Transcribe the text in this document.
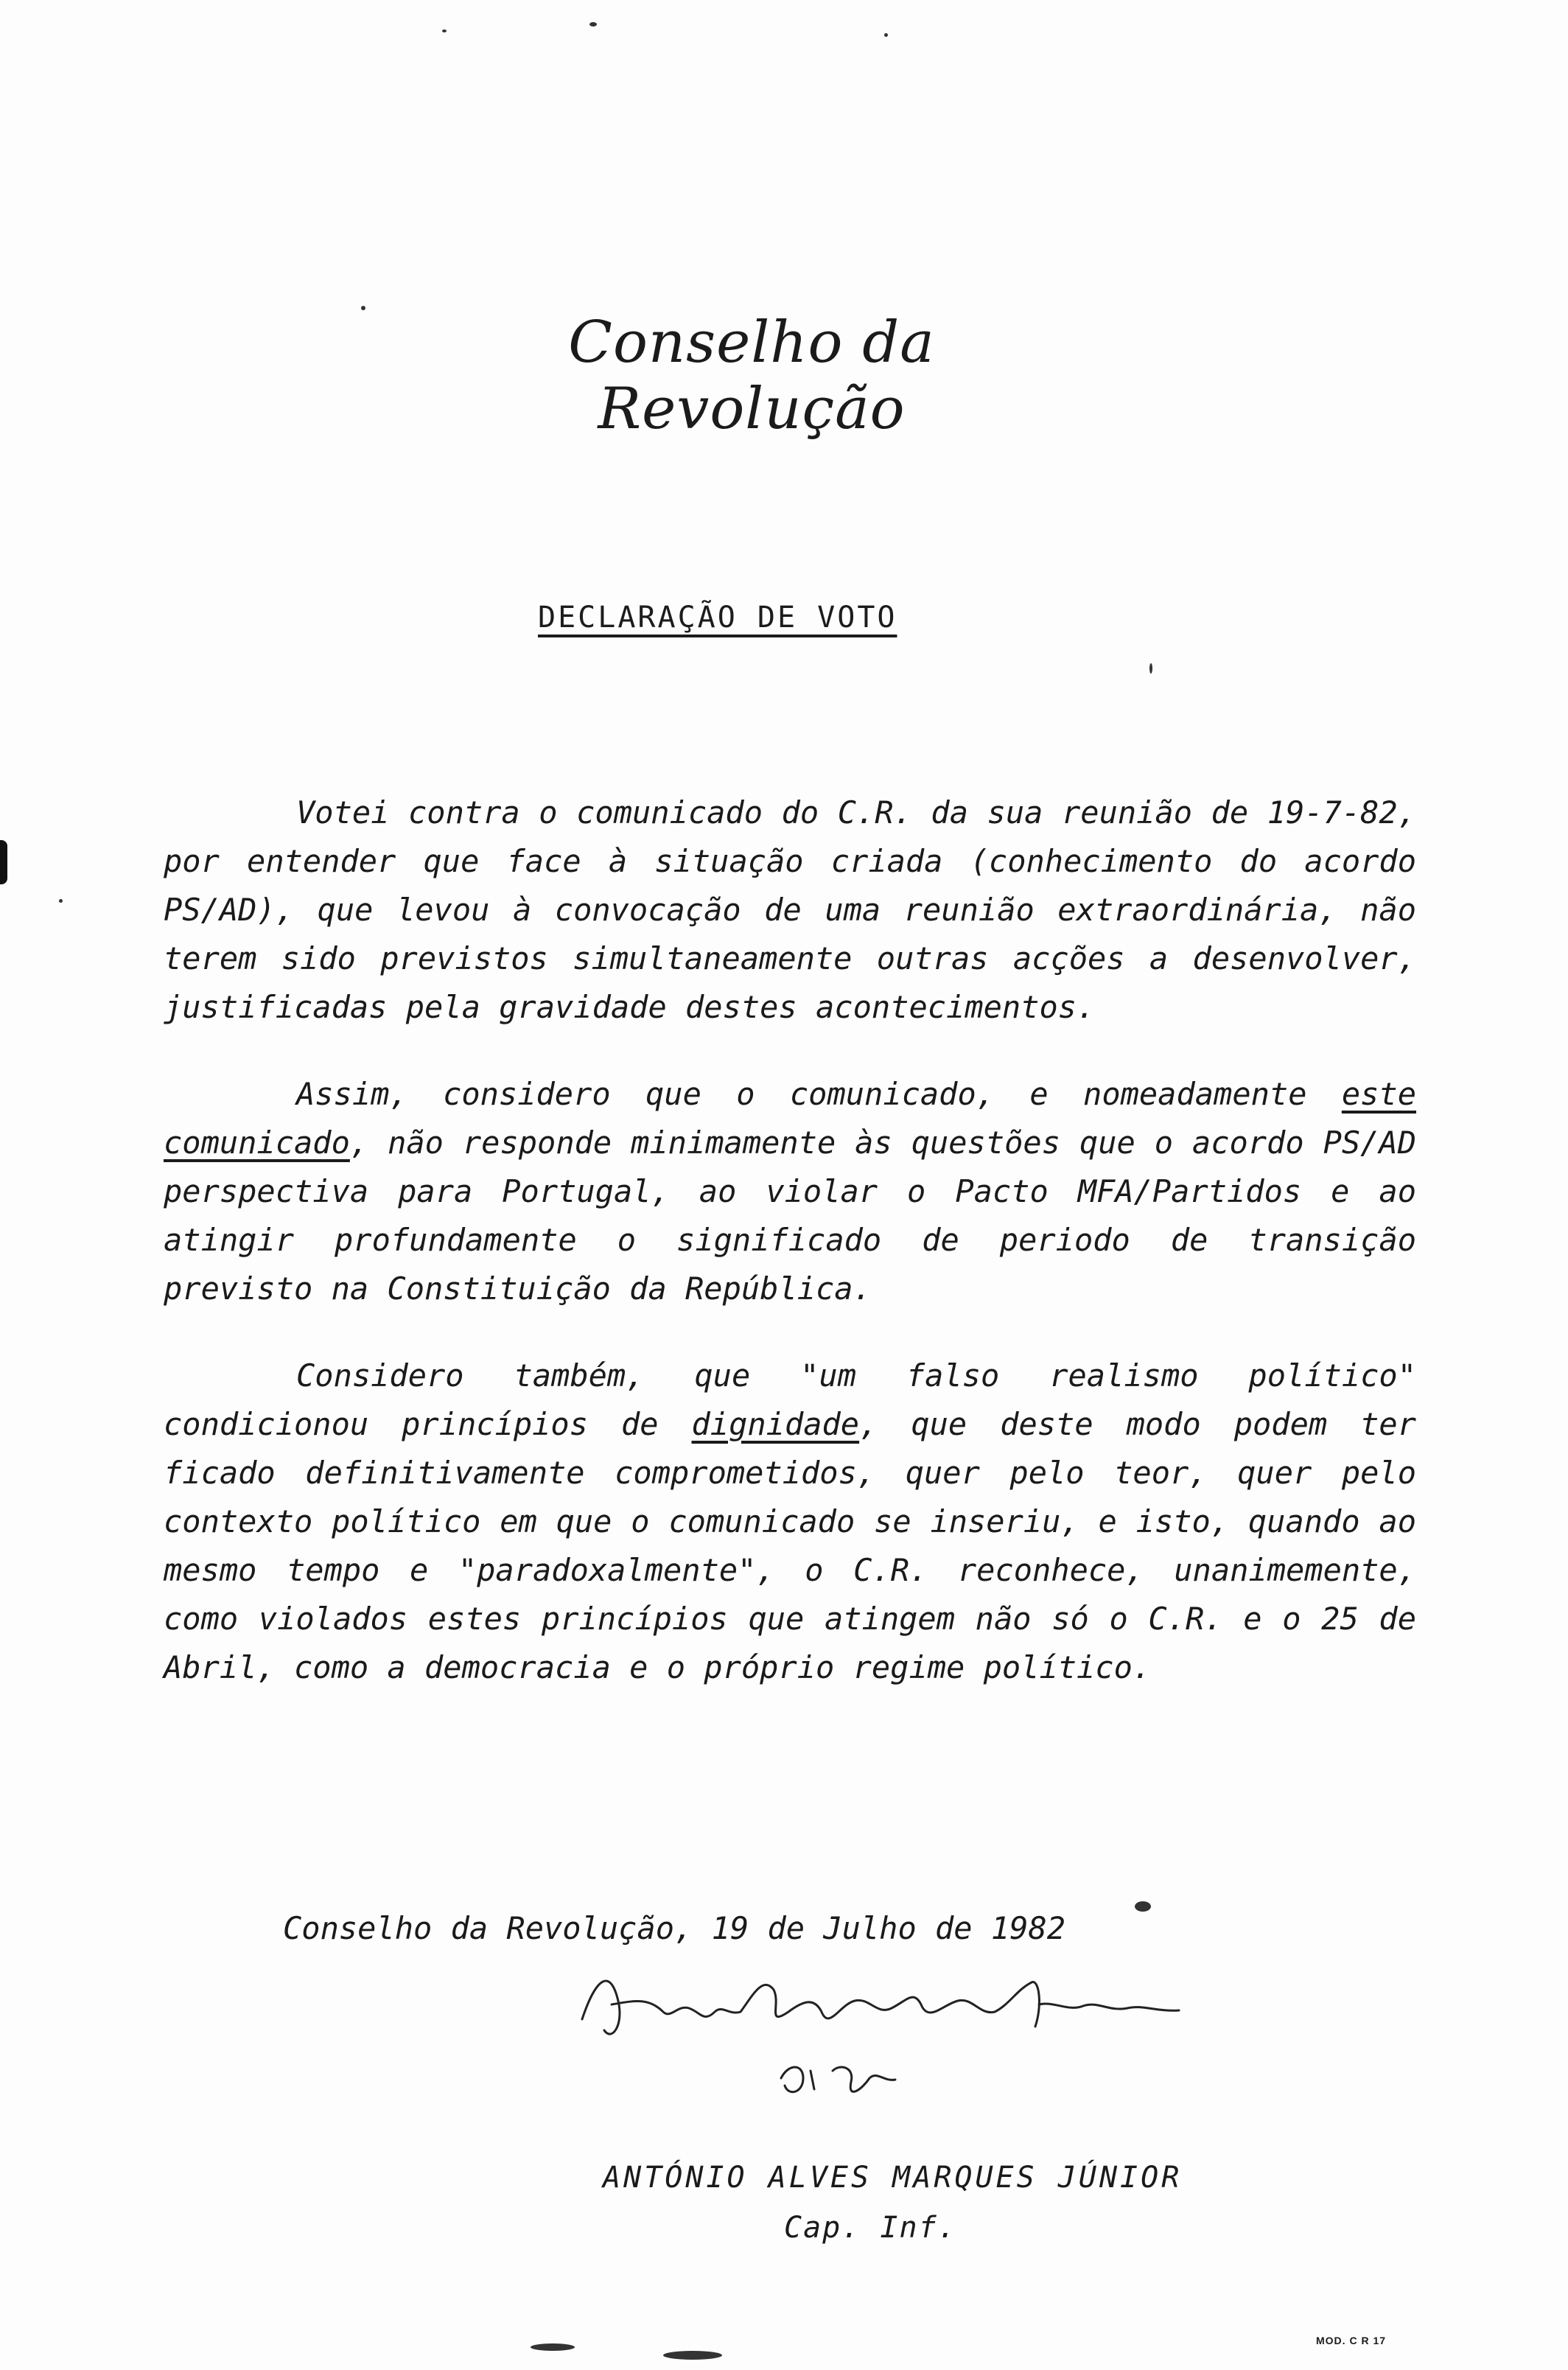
Conselho da Revolução
DECLARAÇÃO DE VOTO

Votei contra o comunicado do C.R. da sua reunião de 19-7-82, por entender que face à situação criada (conhecimento do acordo PS/AD), que levou à convocação de uma reunião extraordinária, não terem sido previstos simultaneamente outras acções a desenvolver, justificadas pela gravidade destes acontecimentos.

Assim, considero que o comunicado, e nomeadamente este comunicado, não responde minimamente às questões que o acordo PS/AD perspectiva para Portugal, ao violar o Pacto MFA/Partidos e ao atingir profundamente o significado de periodo de transição previsto na Constituição da República.

Considero também, que "um falso realismo político" condicionou princípios de dignidade, que deste modo podem ter ficado definitivamente comprometidos, quer pelo teor, quer pelo contexto político em que o comunicado se inseriu, e isto, quando ao mesmo tempo e "paradoxalmente", o C.R. reconhece, unanimemente, como violados estes princípios que atingem não só o C.R. e o 25 de Abril, como a democracia e o próprio regime político.

Conselho da Revolução, 19 de Julho de 1982
ANTÓNIO ALVES MARQUES JÚNIOR
Cap. Inf.
MOD. C R 17
